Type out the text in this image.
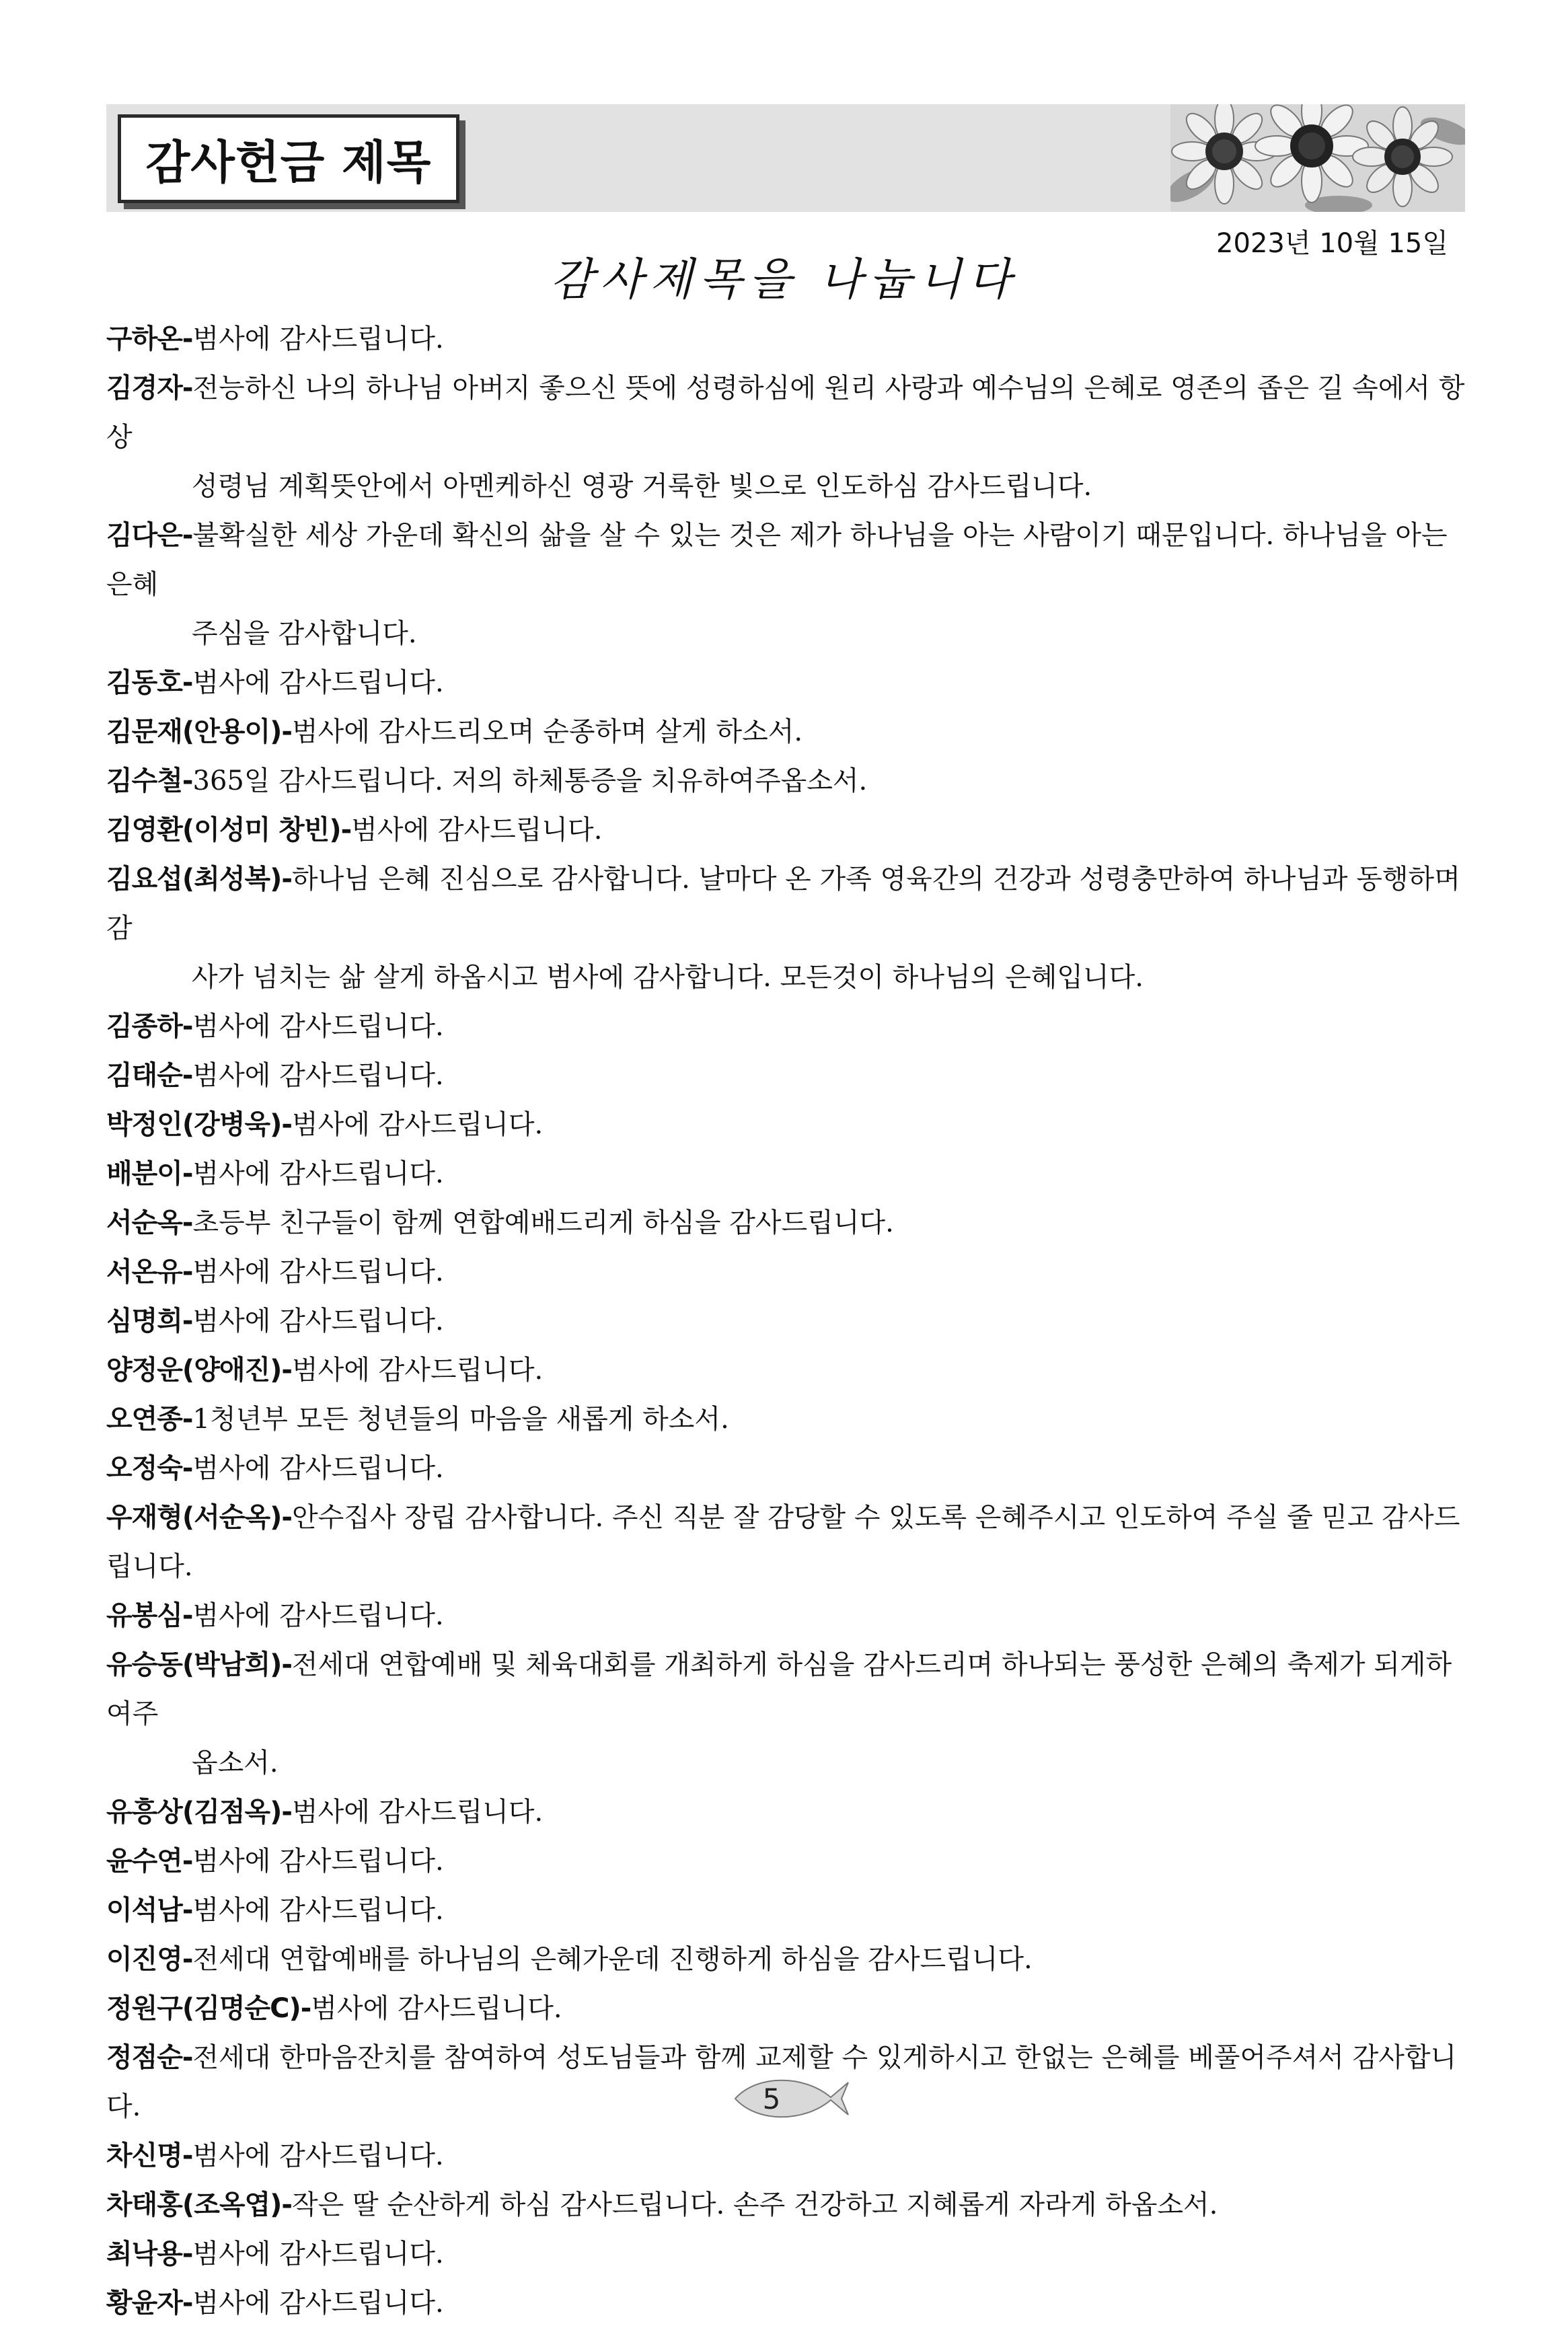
감사헌금 제목
2023년 10월 15일
감사제목을 나눕니다

구하온-범사에 감사드립니다.

김경자-전능하신 나의 하나님 아버지 좋으신 뜻에 성령하심에 원리 사랑과 예수님의 은혜로 영존의 좁은 길 속에서 항상
성령님 계획뜻안에서 아멘케하신 영광 거룩한 빛으로 인도하심 감사드립니다.

김다은-불확실한 세상 가운데 확신의 삶을 살 수 있는 것은 제가 하나님을 아는 사람이기 때문입니다. 하나님을 아는 은혜
주심을 감사합니다.

김동호-범사에 감사드립니다.

김문재(안용이)-범사에 감사드리오며 순종하며 살게 하소서.

김수철-365일 감사드립니다. 저의 하체통증을 치유하여주옵소서.

김영환(이성미 창빈)-범사에 감사드립니다.

김요섭(최성복)-하나님 은혜 진심으로 감사합니다. 날마다 온 가족 영육간의 건강과 성령충만하여 하나님과 동행하며 감
사가 넘치는 삶 살게 하옵시고 범사에 감사합니다. 모든것이 하나님의 은혜입니다.

김종하-범사에 감사드립니다.

김태순-범사에 감사드립니다.

박정인(강병욱)-범사에 감사드립니다.

배분이-범사에 감사드립니다.

서순옥-초등부 친구들이 함께 연합예배드리게 하심을 감사드립니다.

서온유-범사에 감사드립니다.

심명희-범사에 감사드립니다.

양정운(양애진)-범사에 감사드립니다.

오연종-1청년부 모든 청년들의 마음을 새롭게 하소서.

오정숙-범사에 감사드립니다.

우재형(서순옥)-안수집사 장립 감사합니다. 주신 직분 잘 감당할 수 있도록 은혜주시고 인도하여 주실 줄 믿고 감사드립니다.

유봉심-범사에 감사드립니다.

유승동(박남희)-전세대 연합예배 및 체육대회를 개최하게 하심을 감사드리며 하나되는 풍성한 은혜의 축제가 되게하여주
옵소서.

유흥상(김점옥)-범사에 감사드립니다.

윤수연-범사에 감사드립니다.

이석남-범사에 감사드립니다.

이진영-전세대 연합예배를 하나님의 은혜가운데 진행하게 하심을 감사드립니다.

정원구(김명순C)-범사에 감사드립니다.

정점순-전세대 한마음잔치를 참여하여 성도님들과 함께 교제할 수 있게하시고 한없는 은혜를 베풀어주셔서 감사합니다.

차신명-범사에 감사드립니다.

차태홍(조옥엽)-작은 딸 순산하게 하심 감사드립니다. 손주 건강하고 지혜롭게 자라게 하옵소서.

최낙용-범사에 감사드립니다.

황윤자-범사에 감사드립니다.

5
